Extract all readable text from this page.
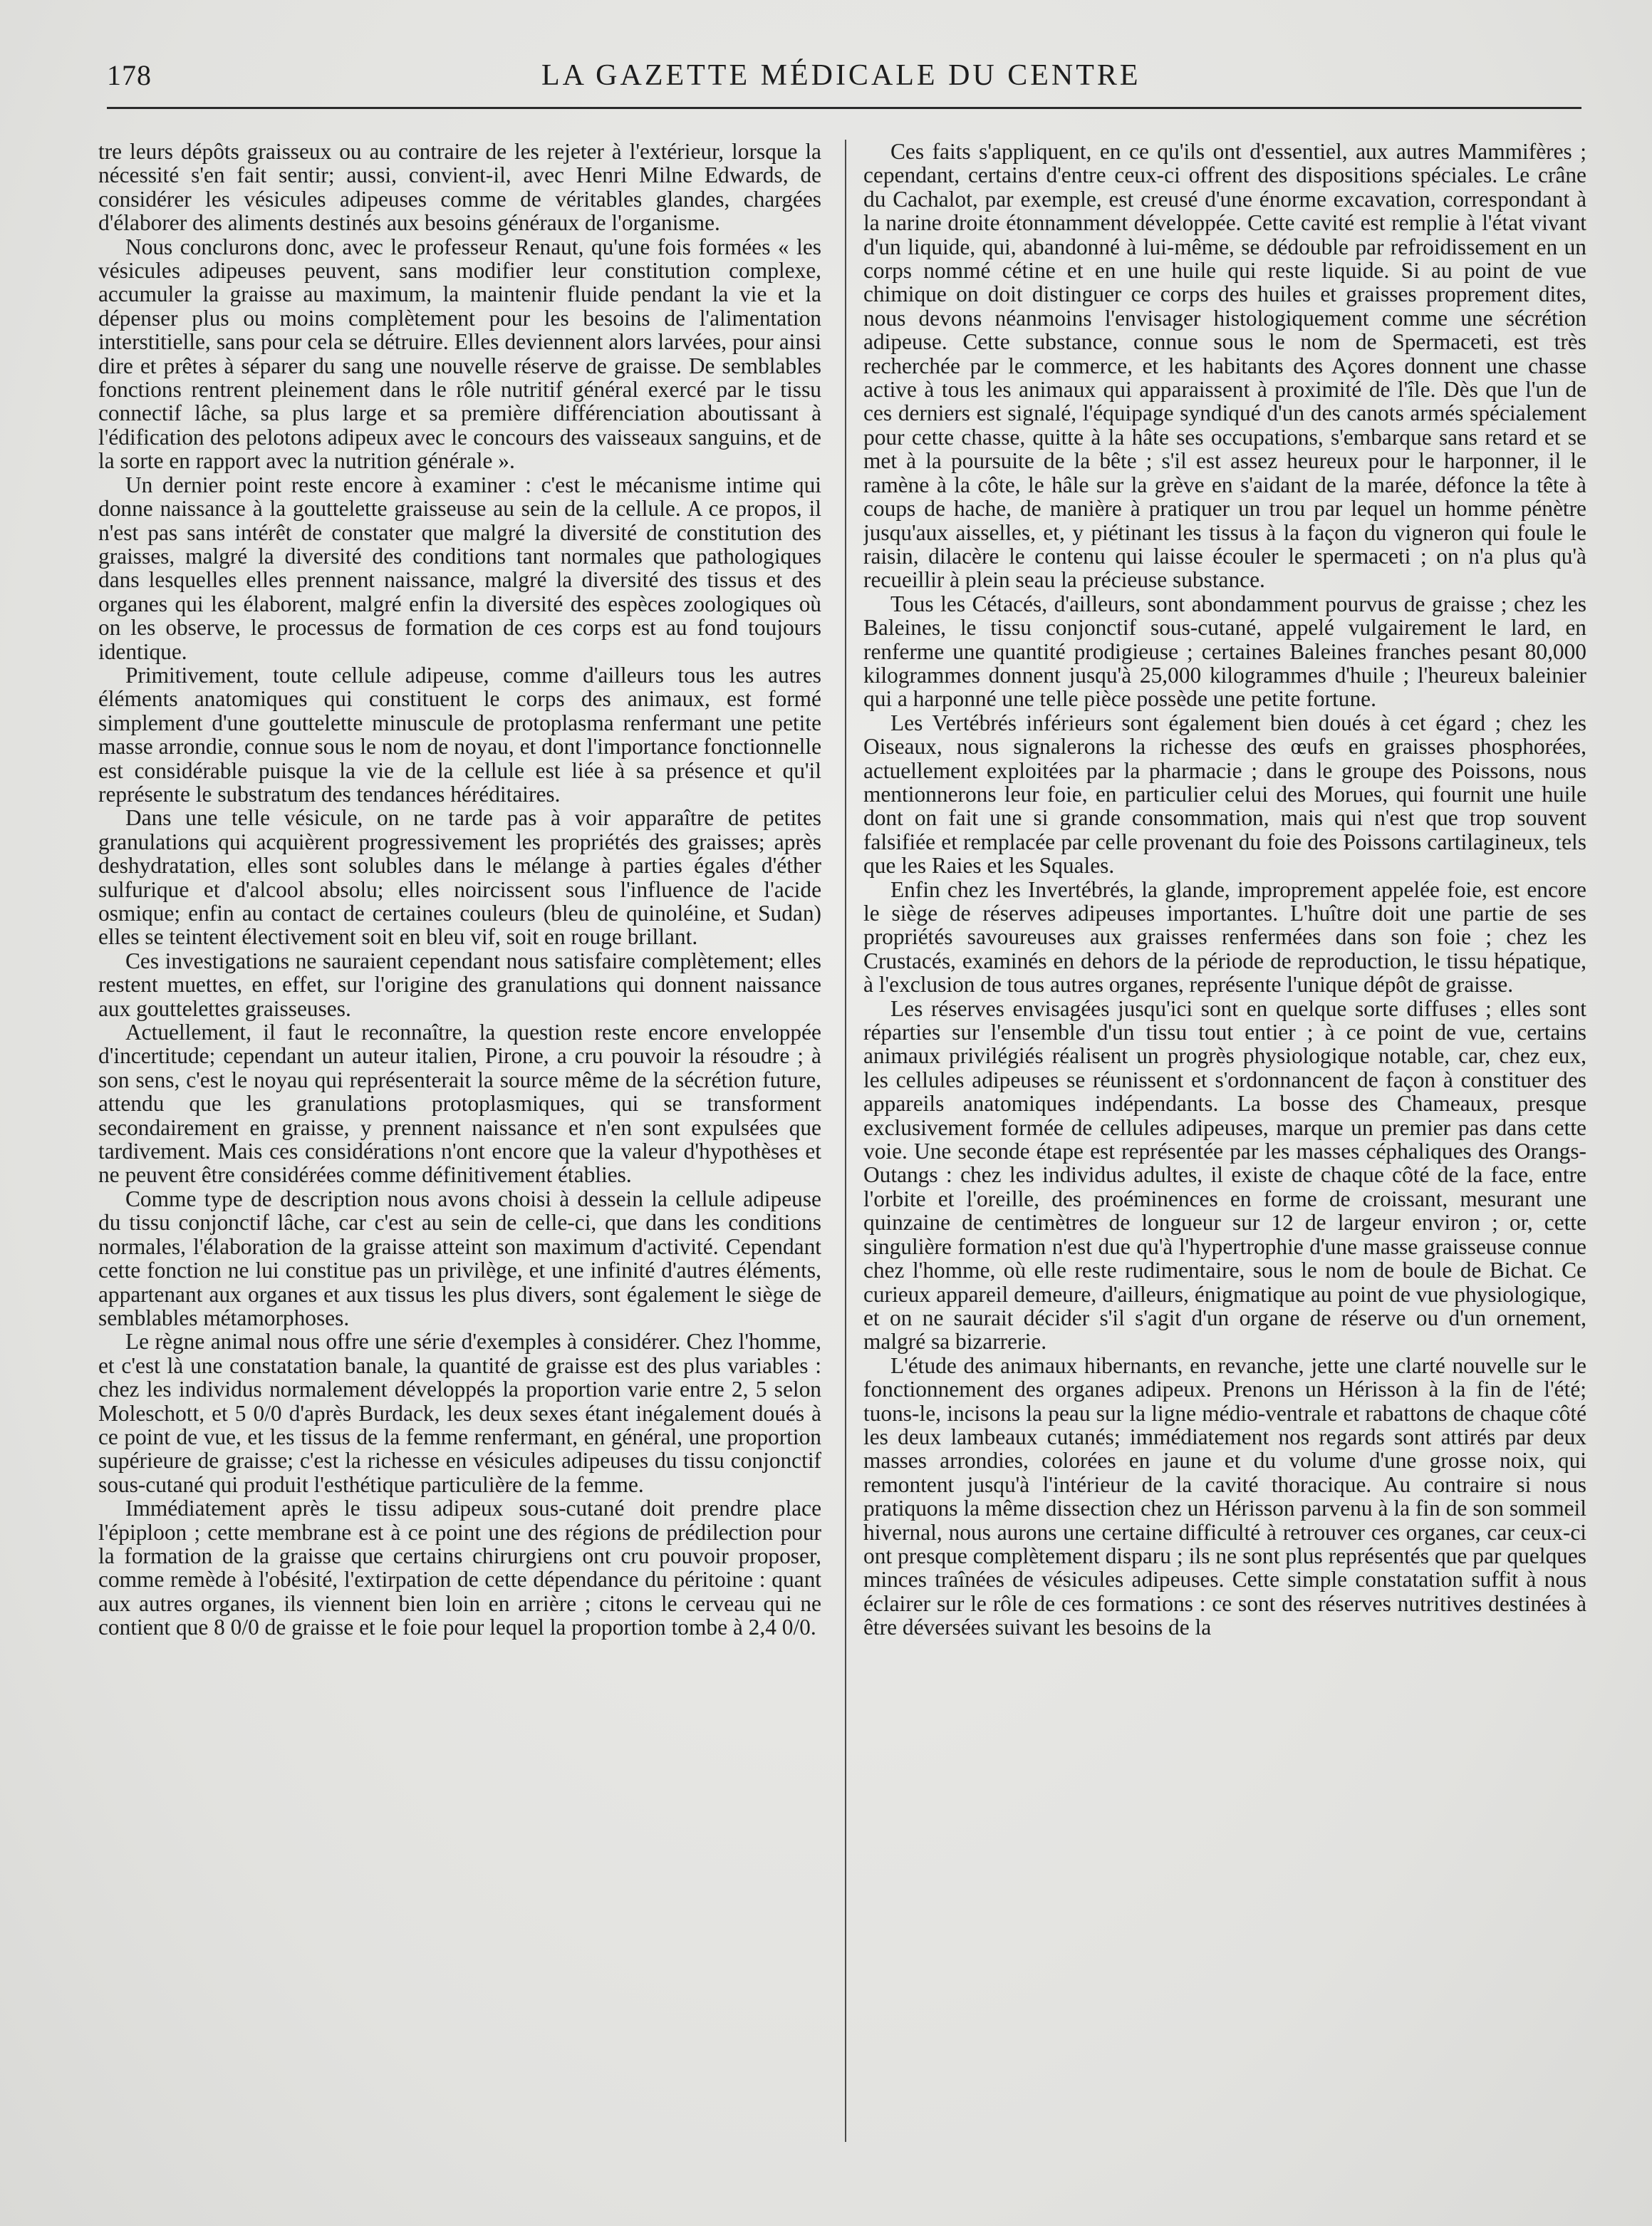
178	LA GAZETTE MÉDICALE DU CENTRE

tre leurs dépôts graisseux ou au contraire de les rejeter à l'extérieur, lorsque la nécessité s'en fait sentir; aussi, convient-il, avec Henri Milne Edwards, de considérer les vésicules adipeuses comme de véritables glandes, chargées d'élaborer des aliments destinés aux besoins généraux de l'organisme.

Nous conclurons donc, avec le professeur Renaut, qu'une fois formées « les vésicules adipeuses peuvent, sans modifier leur constitution complexe, accumuler la graisse au maximum, la maintenir fluide pendant la vie et la dépenser plus ou moins complètement pour les besoins de l'alimentation interstitielle, sans pour cela se détruire. Elles deviennent alors larvées, pour ainsi dire et prêtes à séparer du sang une nouvelle réserve de graisse. De semblables fonctions rentrent pleinement dans le rôle nutritif général exercé par le tissu connectif lâche, sa plus large et sa première différenciation aboutissant à l'édification des pelotons adipeux avec le concours des vaisseaux sanguins, et de la sorte en rapport avec la nutrition générale ».

Un dernier point reste encore à examiner : c'est le mécanisme intime qui donne naissance à la gouttelette graisseuse au sein de la cellule. A ce propos, il n'est pas sans intérêt de constater que malgré la diversité de constitution des graisses, malgré la diversité des conditions tant normales que pathologiques dans lesquelles elles prennent naissance, malgré la diversité des tissus et des organes qui les élaborent, malgré enfin la diversité des espèces zoologiques où on les observe, le processus de formation de ces corps est au fond toujours identique.

Primitivement, toute cellule adipeuse, comme d'ailleurs tous les autres éléments anatomiques qui constituent le corps des animaux, est formé simplement d'une gouttelette minuscule de protoplasma renfermant une petite masse arrondie, connue sous le nom de noyau, et dont l'importance fonctionnelle est considérable puisque la vie de la cellule est liée à sa présence et qu'il représente le substratum des tendances héréditaires.

Dans une telle vésicule, on ne tarde pas à voir apparaître de petites granulations qui acquièrent progressivement les propriétés des graisses; après deshydratation, elles sont solubles dans le mélange à parties égales d'éther sulfurique et d'alcool absolu; elles noircissent sous l'influence de l'acide osmique; enfin au contact de certaines couleurs (bleu de quinoléine, et Sudan) elles se teintent électivement soit en bleu vif, soit en rouge brillant.

Ces investigations ne sauraient cependant nous satisfaire complètement; elles restent muettes, en effet, sur l'origine des granulations qui donnent naissance aux gouttelettes graisseuses.

Actuellement, il faut le reconnaître, la question reste encore enveloppée d'incertitude; cependant un auteur italien, Pirone, a cru pouvoir la résoudre ; à son sens, c'est le noyau qui représenterait la source même de la sécrétion future, attendu que les granulations protoplasmiques, qui se transforment secondairement en graisse, y prennent naissance et n'en sont expulsées que tardivement. Mais ces considérations n'ont encore que la valeur d'hypothèses et ne peuvent être considérées comme définitivement établies.

Comme type de description nous avons choisi à dessein la cellule adipeuse du tissu conjonctif lâche, car c'est au sein de celle-ci, que dans les conditions normales, l'élaboration de la graisse atteint son maximum d'activité. Cependant cette fonction ne lui constitue pas un privilège, et une infinité d'autres éléments, appartenant aux organes et aux tissus les plus divers, sont également le siège de semblables métamorphoses.

Le règne animal nous offre une série d'exemples à considérer. Chez l'homme, et c'est là une constatation banale, la quantité de graisse est des plus variables : chez les individus normalement développés la proportion varie entre 2, 5 selon Moleschott, et 5 0/0 d'après Burdack, les deux sexes étant inégalement doués à ce point de vue, et les tissus de la femme renfermant, en général, une proportion supérieure de graisse; c'est la richesse en vésicules adipeuses du tissu conjonctif sous-cutané qui produit l'esthétique particulière de la femme.

Immédiatement après le tissu adipeux sous-cutané doit prendre place l'épiploon ; cette membrane est à ce point une des régions de prédilection pour la formation de la graisse que certains chirurgiens ont cru pouvoir proposer, comme remède à l'obésité, l'extirpation de cette dépendance du péritoine : quant aux autres organes, ils viennent bien loin en arrière ; citons le cerveau qui ne contient que 8 0/0 de graisse et le foie pour lequel la proportion tombe à 2,4 0/0.

Ces faits s'appliquent, en ce qu'ils ont d'essentiel, aux autres Mammifères ; cependant, certains d'entre ceux-ci offrent des dispositions spéciales. Le crâne du Cachalot, par exemple, est creusé d'une énorme excavation, correspondant à la narine droite étonnamment développée. Cette cavité est remplie à l'état vivant d'un liquide, qui, abandonné à lui-même, se dédouble par refroidissement en un corps nommé cétine et en une huile qui reste liquide. Si au point de vue chimique on doit distinguer ce corps des huiles et graisses proprement dites, nous devons néanmoins l'envisager histologiquement comme une sécrétion adipeuse. Cette substance, connue sous le nom de Spermaceti, est très recherchée par le commerce, et les habitants des Açores donnent une chasse active à tous les animaux qui apparaissent à proximité de l'île. Dès que l'un de ces derniers est signalé, l'équipage syndiqué d'un des canots armés spécialement pour cette chasse, quitte à la hâte ses occupations, s'embarque sans retard et se met à la poursuite de la bête ; s'il est assez heureux pour le harponner, il le ramène à la côte, le hâle sur la grève en s'aidant de la marée, défonce la tête à coups de hache, de manière à pratiquer un trou par lequel un homme pénètre jusqu'aux aisselles, et, y piétinant les tissus à la façon du vigneron qui foule le raisin, dilacère le contenu qui laisse écouler le spermaceti ; on n'a plus qu'à recueillir à plein seau la précieuse substance.

Tous les Cétacés, d'ailleurs, sont abondamment pourvus de graisse ; chez les Baleines, le tissu conjonctif sous-cutané, appelé vulgairement le lard, en renferme une quantité prodigieuse ; certaines Baleines franches pesant 80,000 kilogrammes donnent jusqu'à 25,000 kilogrammes d'huile ; l'heureux baleinier qui a harponné une telle pièce possède une petite fortune.

Les Vertébrés inférieurs sont également bien doués à cet égard ; chez les Oiseaux, nous signalerons la richesse des œufs en graisses phosphorées, actuellement exploitées par la pharmacie ; dans le groupe des Poissons, nous mentionnerons leur foie, en particulier celui des Morues, qui fournit une huile dont on fait une si grande consommation, mais qui n'est que trop souvent falsifiée et remplacée par celle provenant du foie des Poissons cartilagineux, tels que les Raies et les Squales.

Enfin chez les Invertébrés, la glande, improprement appelée foie, est encore le siège de réserves adipeuses importantes. L'huître doit une partie de ses propriétés savoureuses aux graisses renfermées dans son foie ; chez les Crustacés, examinés en dehors de la période de reproduction, le tissu hépatique, à l'exclusion de tous autres organes, représente l'unique dépôt de graisse.

Les réserves envisagées jusqu'ici sont en quelque sorte diffuses ; elles sont réparties sur l'ensemble d'un tissu tout entier ; à ce point de vue, certains animaux privilégiés réalisent un progrès physiologique notable, car, chez eux, les cellules adipeuses se réunissent et s'ordonnancent de façon à constituer des appareils anatomiques indépendants. La bosse des Chameaux, presque exclusivement formée de cellules adipeuses, marque un premier pas dans cette voie. Une seconde étape est représentée par les masses céphaliques des Orangs-Outangs : chez les individus adultes, il existe de chaque côté de la face, entre l'orbite et l'oreille, des proéminences en forme de croissant, mesurant une quinzaine de centimètres de longueur sur 12 de largeur environ ; or, cette singulière formation n'est due qu'à l'hypertrophie d'une masse graisseuse connue chez l'homme, où elle reste rudimentaire, sous le nom de boule de Bichat. Ce curieux appareil demeure, d'ailleurs, énigmatique au point de vue physiologique, et on ne saurait décider s'il s'agit d'un organe de réserve ou d'un ornement, malgré sa bizarrerie.

L'étude des animaux hibernants, en revanche, jette une clarté nouvelle sur le fonctionnement des organes adipeux. Prenons un Hérisson à la fin de l'été; tuons-le, incisons la peau sur la ligne médio-ventrale et rabattons de chaque côté les deux lambeaux cutanés; immédiatement nos regards sont attirés par deux masses arrondies, colorées en jaune et du volume d'une grosse noix, qui remontent jusqu'à l'intérieur de la cavité thoracique. Au contraire si nous pratiquons la même dissection chez un Hérisson parvenu à la fin de son sommeil hivernal, nous aurons une certaine difficulté à retrouver ces organes, car ceux-ci ont presque complètement disparu ; ils ne sont plus représentés que par quelques minces traînées de vésicules adipeuses. Cette simple constatation suffit à nous éclairer sur le rôle de ces formations : ce sont des réserves nutritives destinées à être déversées suivant les besoins de la
